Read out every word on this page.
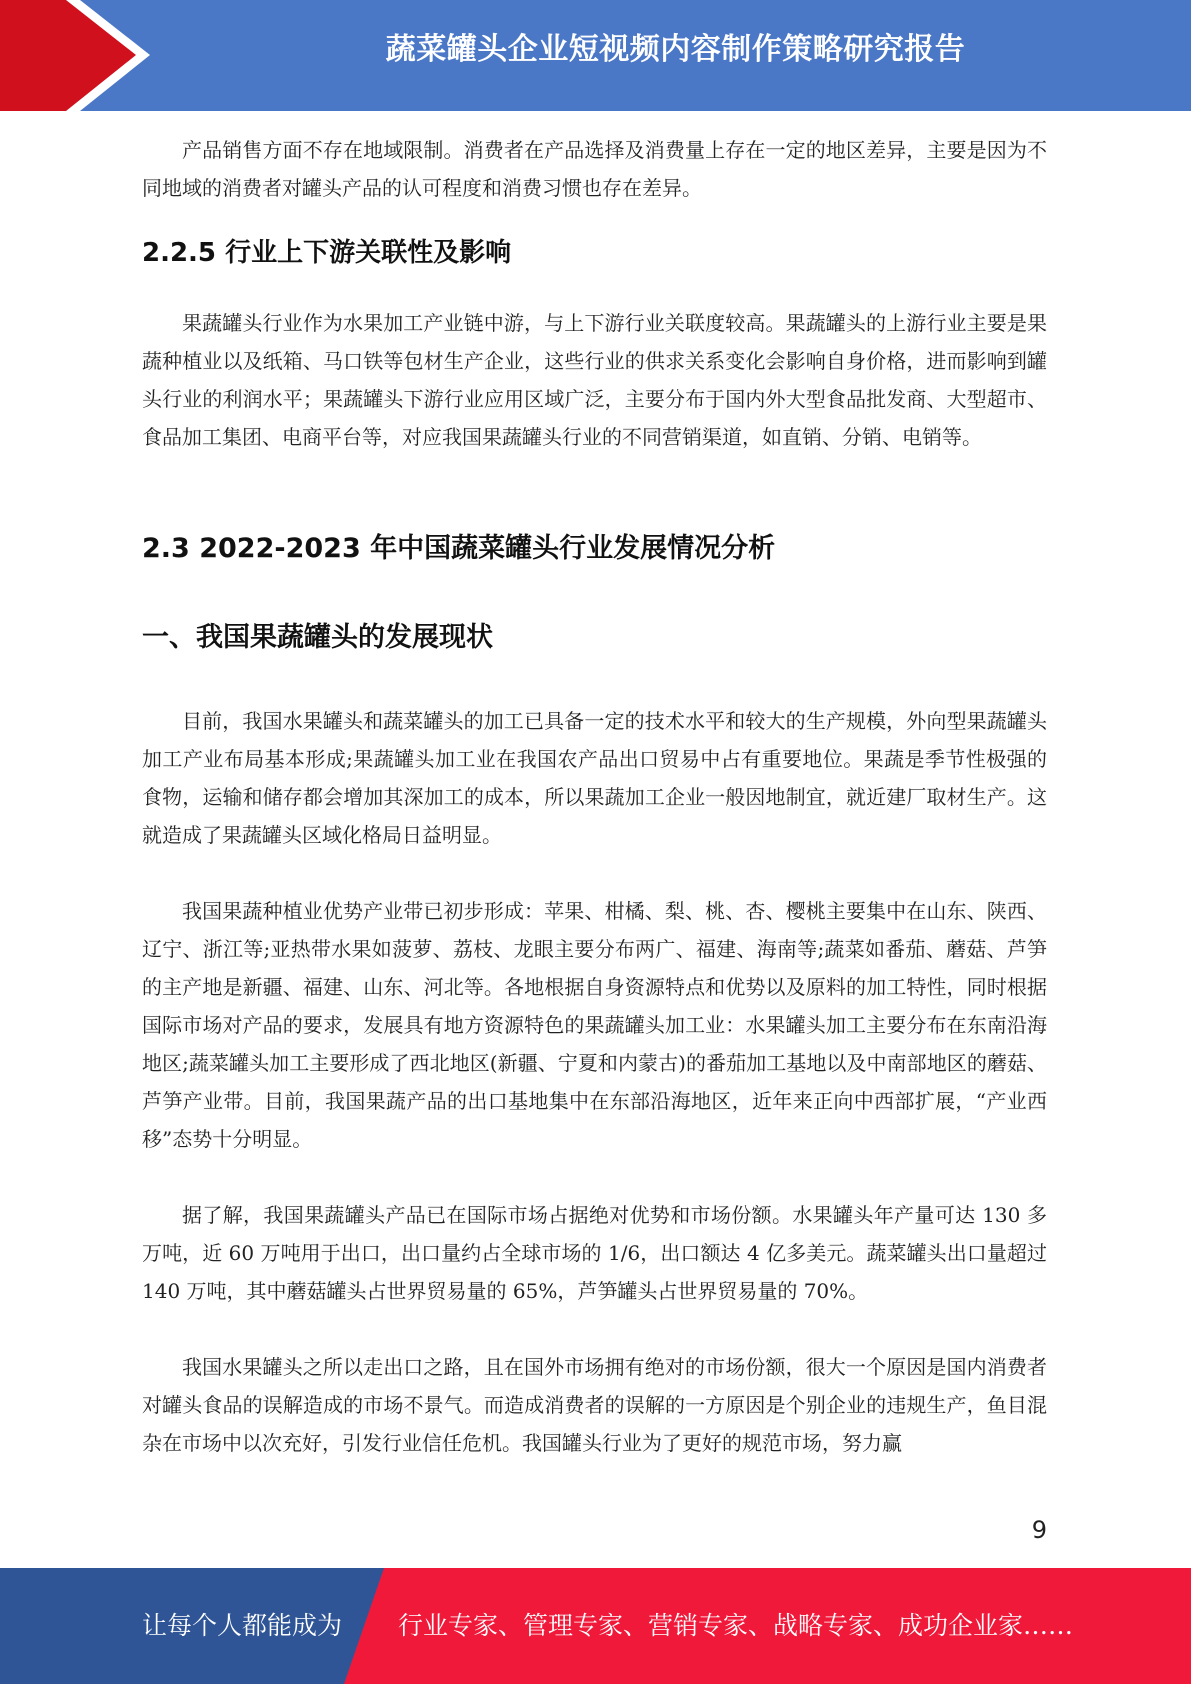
蔬菜罐头企业短视频内容制作策略研究报告

产品销售方面不存在地域限制。消费者在产品选择及消费量上存在一定的地区差异，主要是因为不同地域的消费者对罐头产品的认可程度和消费习惯也存在差异。

2.2.5 行业上下游关联性及影响

果蔬罐头行业作为水果加工产业链中游，与上下游行业关联度较高。果蔬罐头的上游行业主要是果蔬种植业以及纸箱、马口铁等包材生产企业，这些行业的供求关系变化会影响自身价格，进而影响到罐头行业的利润水平；果蔬罐头下游行业应用区域广泛，主要分布于国内外大型食品批发商、大型超市、食品加工集团、电商平台等，对应我国果蔬罐头行业的不同营销渠道，如直销、分销、电销等。

2.3 2022-2023 年中国蔬菜罐头行业发展情况分析
一、我国果蔬罐头的发展现状

目前，我国水果罐头和蔬菜罐头的加工已具备一定的技术水平和较大的生产规模，外向型果蔬罐头加工产业布局基本形成;果蔬罐头加工业在我国农产品出口贸易中占有重要地位。果蔬是季节性极强的食物，运输和储存都会增加其深加工的成本，所以果蔬加工企业一般因地制宜，就近建厂取材生产。这就造成了果蔬罐头区域化格局日益明显。

我国果蔬种植业优势产业带已初步形成：苹果、柑橘、梨、桃、杏、樱桃主要集中在山东、陕西、辽宁、浙江等;亚热带水果如菠萝、荔枝、龙眼主要分布两广、福建、海南等;蔬菜如番茄、蘑菇、芦笋的主产地是新疆、福建、山东、河北等。各地根据自身资源特点和优势以及原料的加工特性，同时根据国际市场对产品的要求，发展具有地方资源特色的果蔬罐头加工业：水果罐头加工主要分布在东南沿海地区;蔬菜罐头加工主要形成了西北地区(新疆、宁夏和内蒙古)的番茄加工基地以及中南部地区的蘑菇、芦笋产业带。目前，我国果蔬产品的出口基地集中在东部沿海地区，近年来正向中西部扩展，“产业西移”态势十分明显。

据了解，我国果蔬罐头产品已在国际市场占据绝对优势和市场份额。水果罐头年产量可达 130 多万吨，近 60 万吨用于出口，出口量约占全球市场的 1/6，出口额达 4 亿多美元。蔬菜罐头出口量超过 140 万吨，其中蘑菇罐头占世界贸易量的 65%，芦笋罐头占世界贸易量的 70%。

我国水果罐头之所以走出口之路，且在国外市场拥有绝对的市场份额，很大一个原因是国内消费者对罐头食品的误解造成的市场不景气。而造成消费者的误解的一方原因是个别企业的违规生产，鱼目混杂在市场中以次充好，引发行业信任危机。我国罐头行业为了更好的规范市场，努力赢

9
让每个人都能成为 行业专家、管理专家、营销专家、战略专家、成功企业家……
